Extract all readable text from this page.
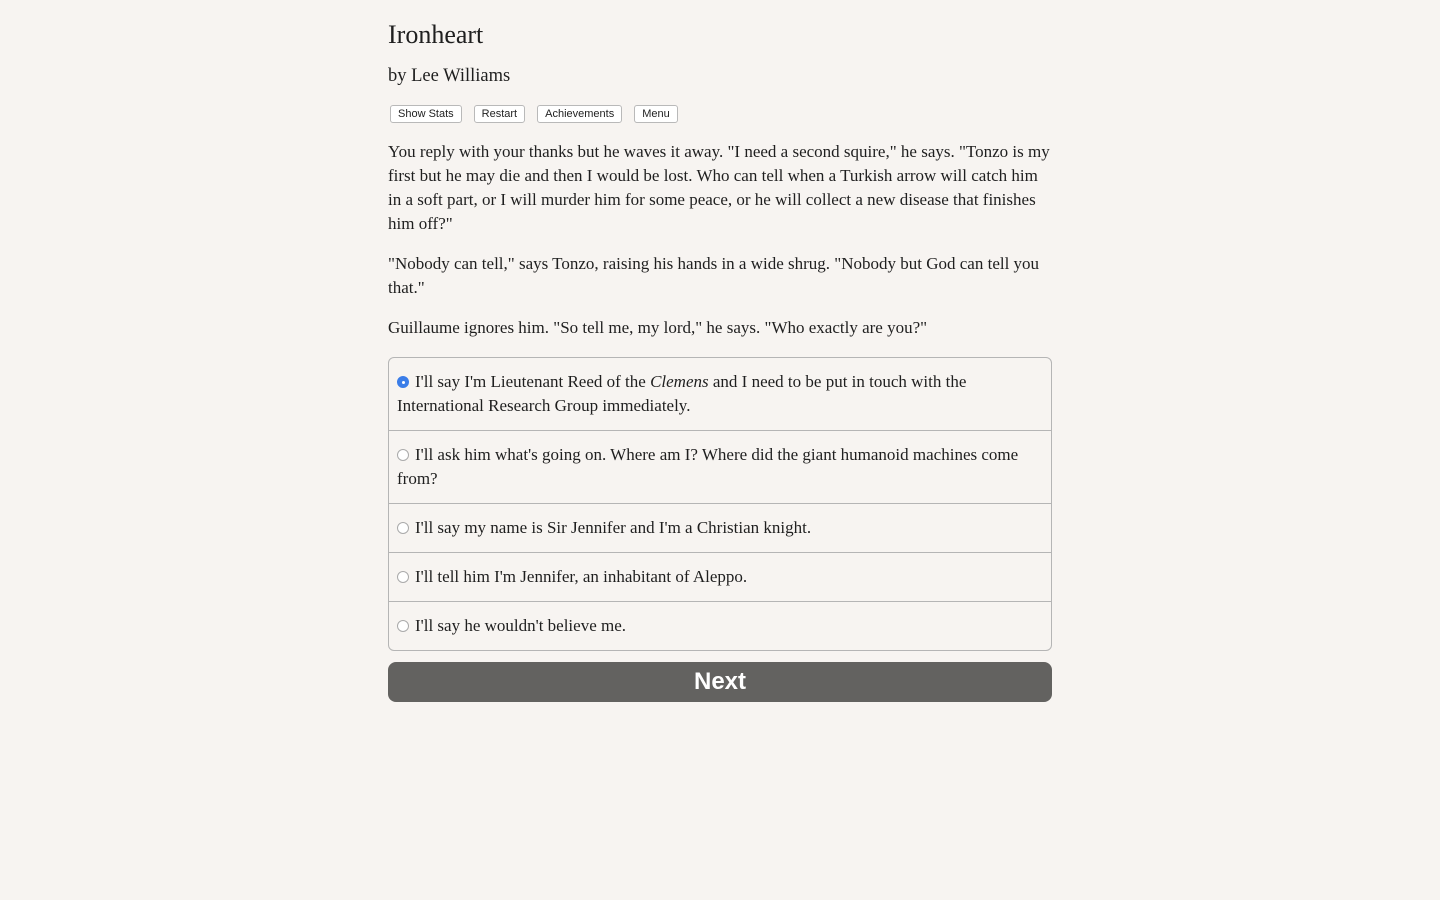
Ironheart
by Lee Williams
Show Stats	Restart	Achievements	Menu

You reply with your thanks but he waves it away. "I need a second squire," he says. "Tonzo is my first but he may die and then I would be lost. Who can tell when a Turkish arrow will catch him in a soft part, or I will murder him for some peace, or he will collect a new disease that finishes him off?"

"Nobody can tell," says Tonzo, raising his hands in a wide shrug. "Nobody but God can tell you that."

Guillaume ignores him. "So tell me, my lord," he says. "Who exactly are you?"

I'll say I'm Lieutenant Reed of the Clemens and I need to be put in touch with the International Research Group immediately.
I'll ask him what's going on. Where am I? Where did the giant humanoid machines come from?
I'll say my name is Sir Jennifer and I'm a Christian knight.
I'll tell him I'm Jennifer, an inhabitant of Aleppo.
I'll say he wouldn't believe me.
Next
